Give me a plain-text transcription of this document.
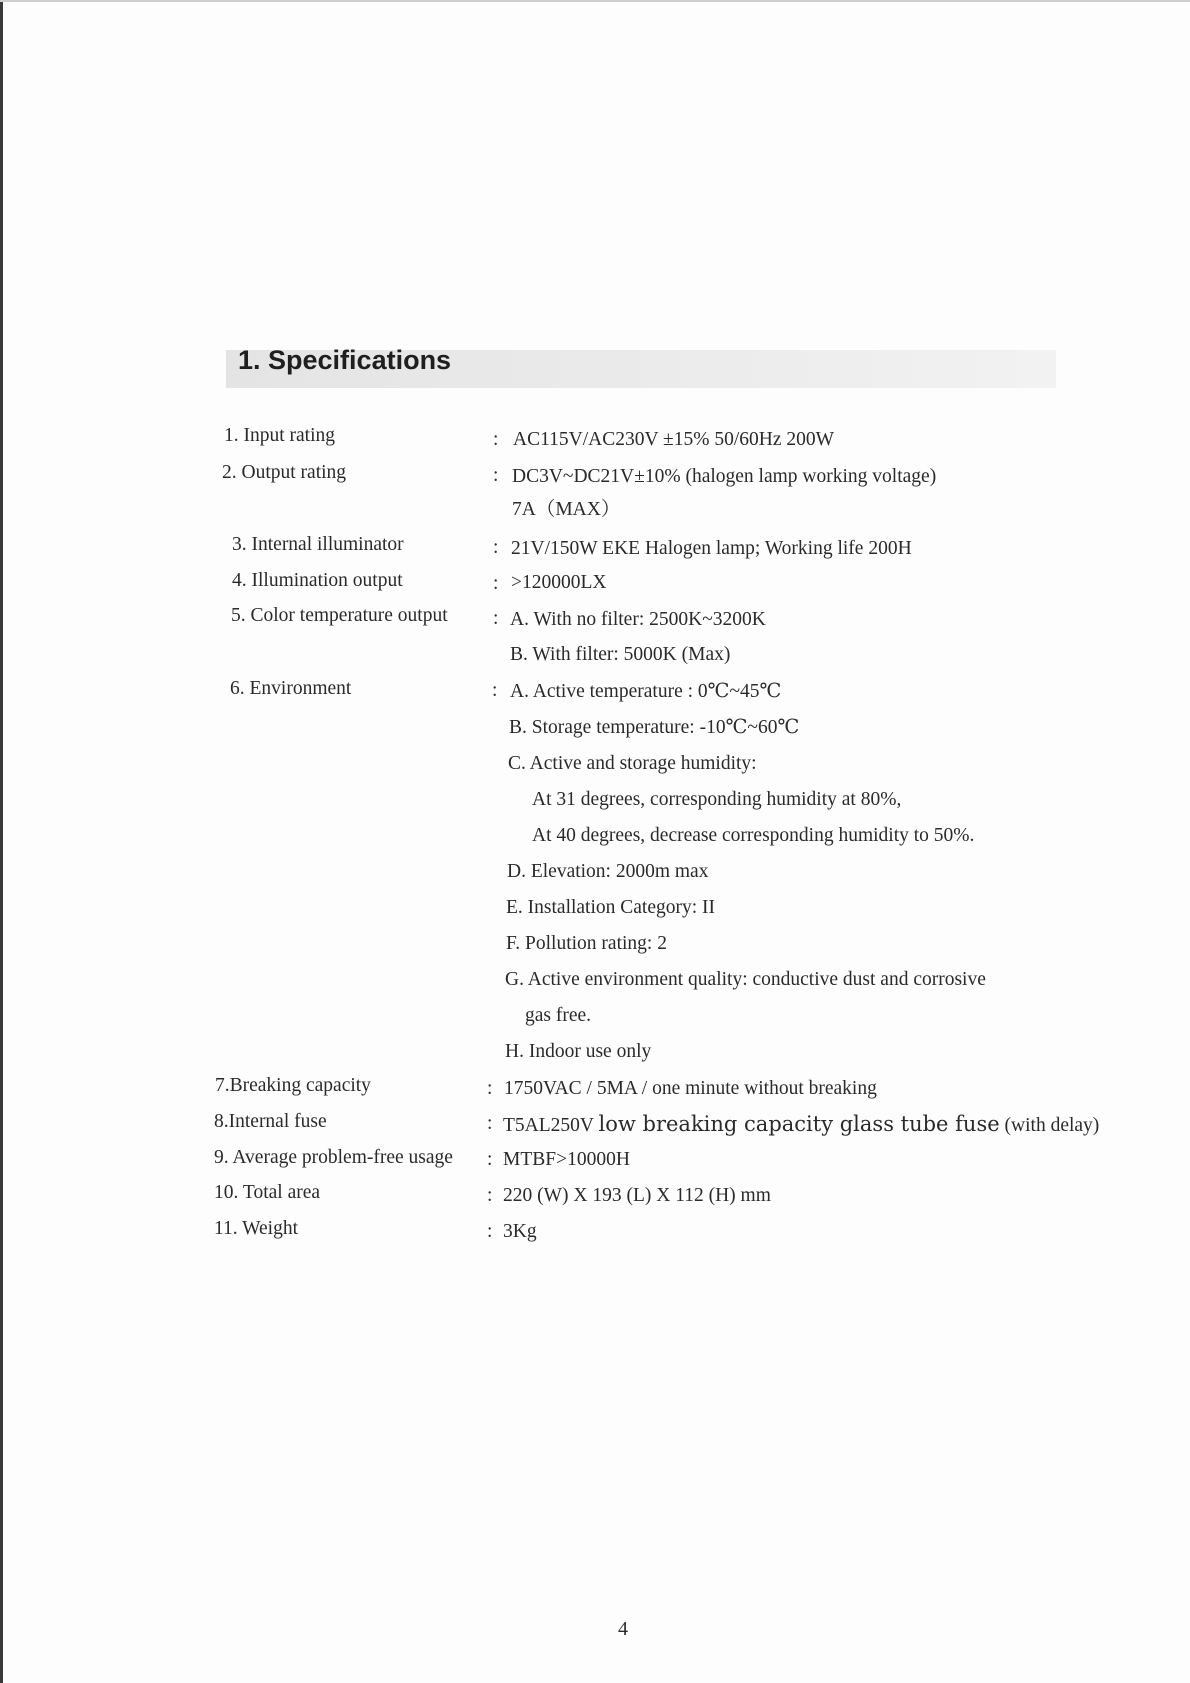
1. Specifications
1. Input rating	: AC115V/AC230V ±15% 50/60Hz 200W
2. Output rating	: DC3V~DC21V±10% (halogen lamp working voltage)
7A（MAX）
3. Internal illuminator	: 21V/150W EKE Halogen lamp; Working life 200H
4. Illumination output	: >120000LX
5. Color temperature output : A. With no filter: 2500K~3200K
B. With filter: 5000K (Max)
6. Environment	: A. Active temperature : 0℃~45℃
B. Storage temperature: -10℃~60℃
C. Active and storage humidity:
At 31 degrees, corresponding humidity at 80%,
At 40 degrees, decrease corresponding humidity to 50%.
D. Elevation: 2000m max
E. Installation Category: II
F. Pollution rating: 2
G. Active environment quality: conductive dust and corrosive
gas free.
H. Indoor use only
7.Breaking capacity	: 1750VAC / 5MA / one minute without breaking
8.Internal fuse	: T5AL250V low breaking capacity glass tube fuse (with delay)
9. Average problem-free usage : MTBF>10000H
10. Total area	: 220 (W) X 193 (L) X 112 (H) mm
11. Weight	: 3Kg
4
